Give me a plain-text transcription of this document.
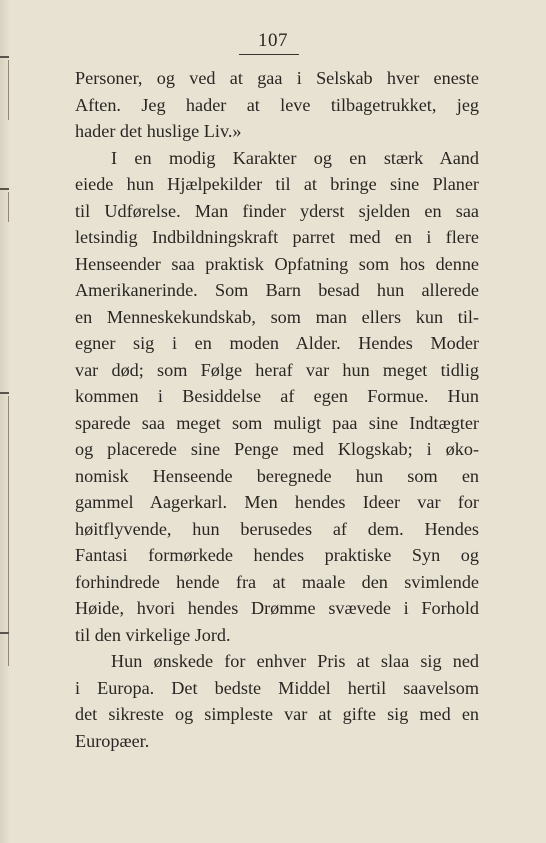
107
Personer, og ved at gaa i Selskab hver eneste
Aften. Jeg hader at leve tilbagetrukket, jeg
hader det huslige Liv.»
I en modig Karakter og en stærk Aand
eiede hun Hjælpekilder til at bringe sine Planer
til Udførelse. Man finder yderst sjelden en saa
letsindig Indbildningskraft parret med en i flere
Henseender saa praktisk Opfatning som hos denne
Amerikanerinde. Som Barn besad hun allerede
en Menneskekundskab, som man ellers kun til-
egner sig i en moden Alder. Hendes Moder
var død; som Følge heraf var hun meget tidlig
kommen i Besiddelse af egen Formue. Hun
sparede saa meget som muligt paa sine Indtægter
og placerede sine Penge med Klogskab; i øko-
nomisk Henseende beregnede hun som en
gammel Aagerkarl. Men hendes Ideer var for
høitflyvende, hun berusedes af dem. Hendes
Fantasi formørkede hendes praktiske Syn og
forhindrede hende fra at maale den svimlende
Høide, hvori hendes Drømme svævede i Forhold
til den virkelige Jord.
Hun ønskede for enhver Pris at slaa sig ned
i Europa. Det bedste Middel hertil saavelsom
det sikreste og simpleste var at gifte sig med en
Europæer.
